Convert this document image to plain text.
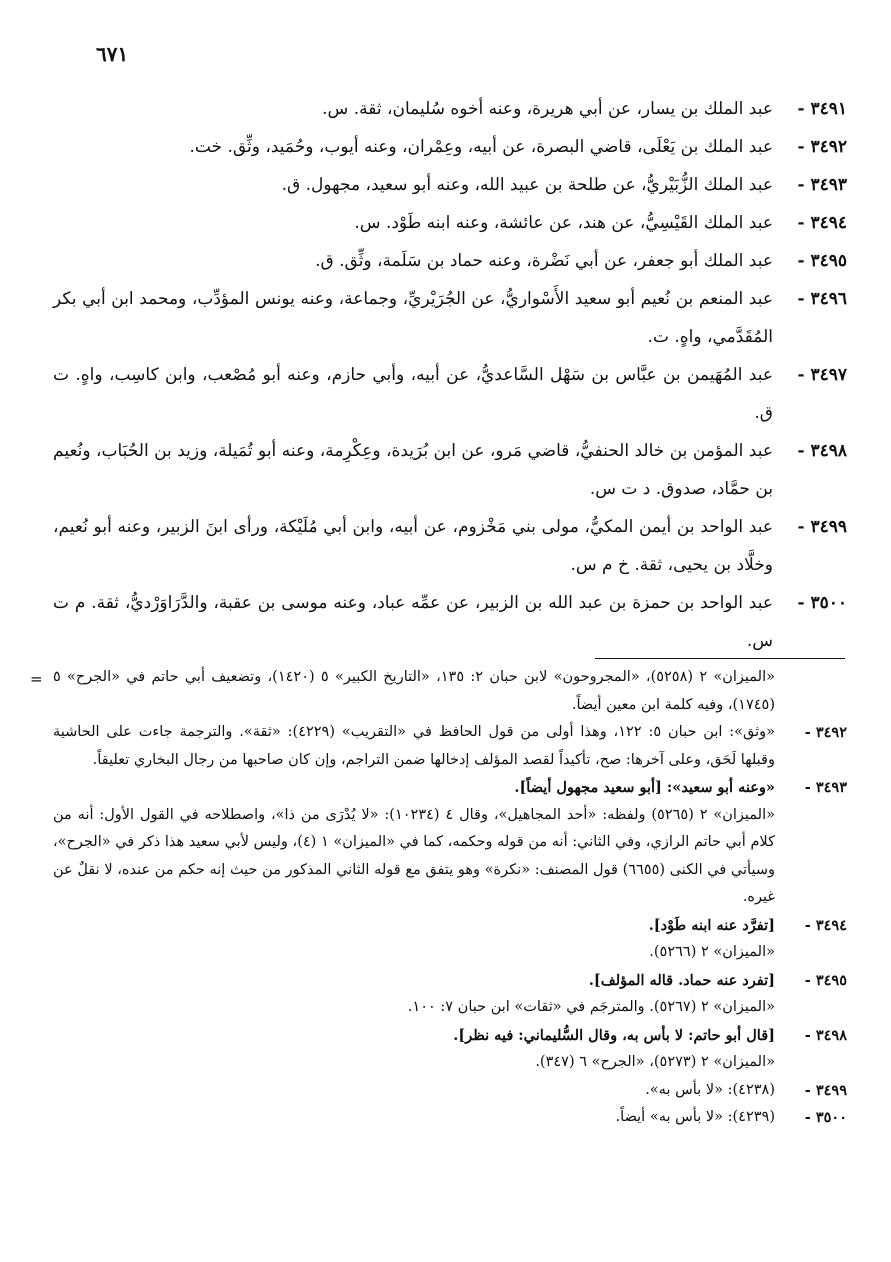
٦٧١

٣٤٩١ -
عبد الملك بن يسار، عن أبي هريرة، وعنه أخوه سُليمان، ثقة. س.

٣٤٩٢ -
عبد الملك بن يَعْلَى، قاضي البصرة، عن أبيه، وعِمْران، وعنه أيوب، وحُمَيد، وثِّق. خت.

٣٤٩٣ -
عبد الملك الزُّبَيْريُّ، عن طلحة بن عبيد الله، وعنه أبو سعيد، مجهول. ق.

٣٤٩٤ -
عبد الملك القَيْسِيُّ، عن هند، عن عائشة، وعنه ابنه طَوْد. س.

٣٤٩٥ -
عبد الملك أبو جعفر، عن أبي نَضْرة، وعنه حماد بن سَلَمة، وثِّق. ق.

٣٤٩٦ -
عبد المنعم بن نُعيم أبو سعيد الأَسْواريُّ، عن الجُرَيْريِّ، وجماعة، وعنه يونس المؤدِّب، ومحمد ابن أبي بكر المُقَدَّمي، واهٍ. ت.

٣٤٩٧ -
عبد المُهَيمن بن عبَّاس بن سَهْل السَّاعديُّ، عن أبيه، وأبي حازم، وعنه أبو مُصْعب، وابن كاسِب، واهٍ. ت ق.

٣٤٩٨ -
عبد المؤمن بن خالد الحنفيُّ، قاضي مَرو، عن ابن بُرَيدة، وعِكْرِمة، وعنه أبو تُمَيلة، وزيد بن الحُبَاب، ونُعيم بن حمَّاد، صدوق. د ت س.

٣٤٩٩ -
عبد الواحد بن أيمن المكيُّ، مولى بني مَخْزوم، عن أبيه، وابن أبي مُلَيْكة، ورأى ابنَ الزبير، وعنه أبو نُعيم، وخلَّاد بن يحيى، ثقة. خ م س.

٣٥٠٠ -
عبد الواحد بن حمزة بن عبد الله بن الزبير، عن عمِّه عباد، وعنه موسى بن عقبة، والدَّرَاوَرْديُّ، ثقة. م ت س.

= «الميزان» ٢ (٥٢٥٨)، «المجروحون» لابن حبان ٢: ١٣٥، «التاريخ الكبير» ٥ (١٤٢٠)، وتضعيف أبي حاتم في «الجرح» ٥ (١٧٤٥)، وفيه كلمة ابن معين أيضاً.
٣٤٩٢ -
«وثق»: ابن حبان ٥: ١٢٢، وهذا أولى من قول الحافظ في «التقريب» (٤٢٢٩): «ثقة». والترجمة جاءت على الحاشية وقبلها لَحَق، وعلى آخرها: صح، تأكيداً لقصد المؤلف إدخالها ضمن التراجم، وإن كان صاحبها من رجال البخاري تعليقاً.
٣٤٩٣ -
«وعنه أبو سعيد»: [أبو سعيد مجهول أيضاً].
«الميزان» ٢ (٥٢٦٥) ولفظه: «أحد المجاهيل»، وقال ٤ (١٠٢٣٤): «لا يُدْرَى من ذا»، واصطلاحه في القول الأول: أنه من كلام أبي حاتم الرازي، وفي الثاني: أنه من قوله وحكمه، كما في «الميزان» ١ (٤)، وليس لأبي سعيد هذا ذكر في «الجرح»، وسيأتي في الكنى (٦٦٥٥) قول المصنف: «نكرة» وهو يتفق مع قوله الثاني المذكور من حيث إنه حكم من عنده، لا نقلٌ عن غيره.
٣٤٩٤ -
[تفرَّد عنه ابنه طَوْد].
«الميزان» ٢ (٥٢٦٦).
٣٤٩٥ -
[تفرد عنه حماد. قاله المؤلف].
«الميزان» ٢ (٥٢٦٧). والمترجَم في «ثقات» ابن حبان ٧: ١٠٠.
٣٤٩٨ -
[قال أبو حاتم: لا بأس به، وقال السُّليماني: فيه نظر].
«الميزان» ٢ (٥٢٧٣)، «الجرح» ٦ (٣٤٧).
٣٤٩٩ -
(٤٢٣٨): «لا بأس به».
٣٥٠٠ -
(٤٢٣٩): «لا بأس به» أيضاً.
